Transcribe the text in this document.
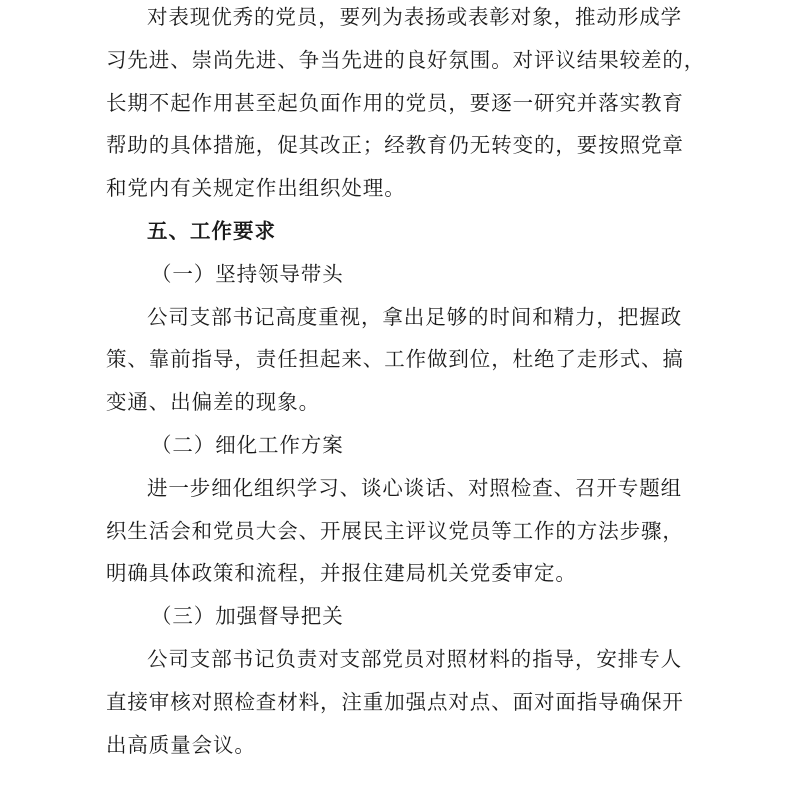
对表现优秀的党员，要列为表扬或表彰对象，推动形成学
习先进、崇尚先进、争当先进的良好氛围。对评议结果较差的，
长期不起作用甚至起负面作用的党员，要逐一研究并落实教育
帮助的具体措施，促其改正；经教育仍无转变的，要按照党章
和党内有关规定作出组织处理。
五、工作要求
（一）坚持领导带头
公司支部书记高度重视，拿出足够的时间和精力，把握政
策、靠前指导，责任担起来、工作做到位，杜绝了走形式、搞
变通、出偏差的现象。
（二）细化工作方案
进一步细化组织学习、谈心谈话、对照检查、召开专题组
织生活会和党员大会、开展民主评议党员等工作的方法步骤，
明确具体政策和流程，并报住建局机关党委审定。
（三）加强督导把关
公司支部书记负责对支部党员对照材料的指导，安排专人
直接审核对照检查材料，注重加强点对点、面对面指导确保开
出高质量会议。
